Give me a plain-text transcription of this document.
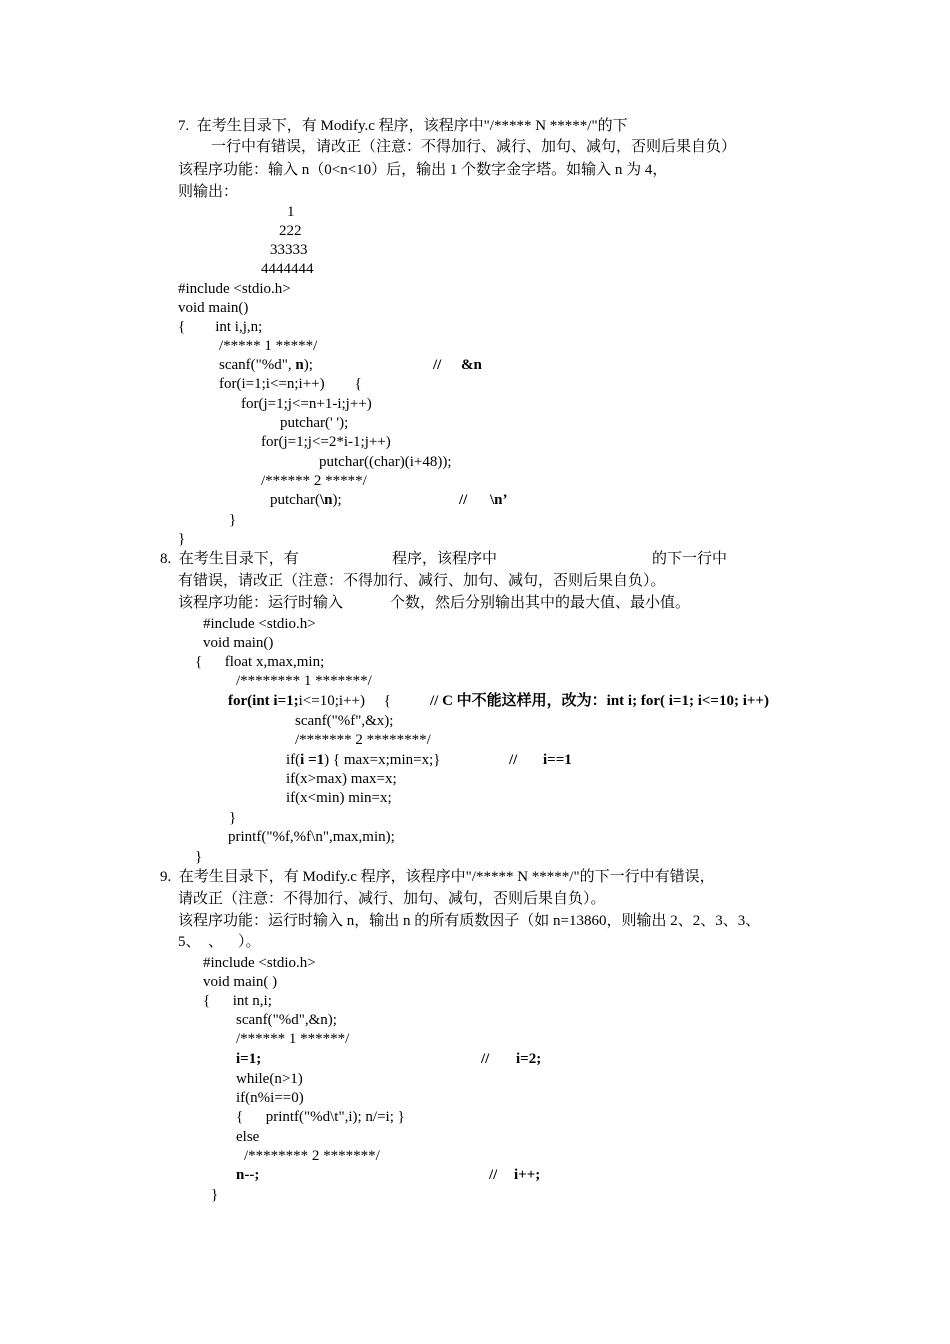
7.  在考生目录下，有 Modify.c 程序，该程序中"/***** N *****/"的下
一行中有错误，请改正（注意：不得加行、减行、加句、减句，否则后果自负）
该程序功能：输入 n（0<n<10）后，输出 1 个数字金字塔。如输入 n 为 4，
则输出：
1
222
33333
4444444
#include <stdio.h>
void main()
{        int i,j,n;
/***** 1 *****/
scanf("%d", n);	// &n
for(i=1;i<=n;i++)        {
for(j=1;j<=n+1-i;j++)
putchar(' ');
for(j=1;j<=2*i-1;j++)
putchar((char)(i+48));
/****** 2 *****/
putchar(\n);	// \n’
}
}
8.  在考生目录下，有	程序，该程序中	的下一行中
有错误，请改正（注意：不得加行、减行、加句、减句，否则后果自负）。
该程序功能：运行时输入	个数，然后分别输出其中的最大值、最小值。
#include <stdio.h>
void main()
{      float x,max,min;
/******** 1 *******/
for(int i=1;i<=10;i++)     {	// C 中不能这样用，改为：int i; for( i=1; i<=10; i++)
scanf("%f",&x);
/******* 2 ********/
if(i =1) { max=x;min=x;}	// i==1
if(x>max) max=x;
if(x<min) min=x;
}
printf("%f,%f\n",max,min);
}
9.  在考生目录下，有 Modify.c 程序，该程序中"/***** N *****/"的下一行中有错误，
请改正（注意：不得加行、减行、加句、减句，否则后果自负）。
该程序功能：运行时输入 n，输出 n 的所有质数因子（如 n=13860，则输出 2、2、3、3、
5、  、    ）。
#include <stdio.h>
void main( )
{      int n,i;
scanf("%d",&n);
/****** 1 ******/
i=1;	// i=2;
while(n>1)
if(n%i==0)
{      printf("%d\t",i); n/=i; }
else
/******** 2 *******/
n--;	// i++;
}
